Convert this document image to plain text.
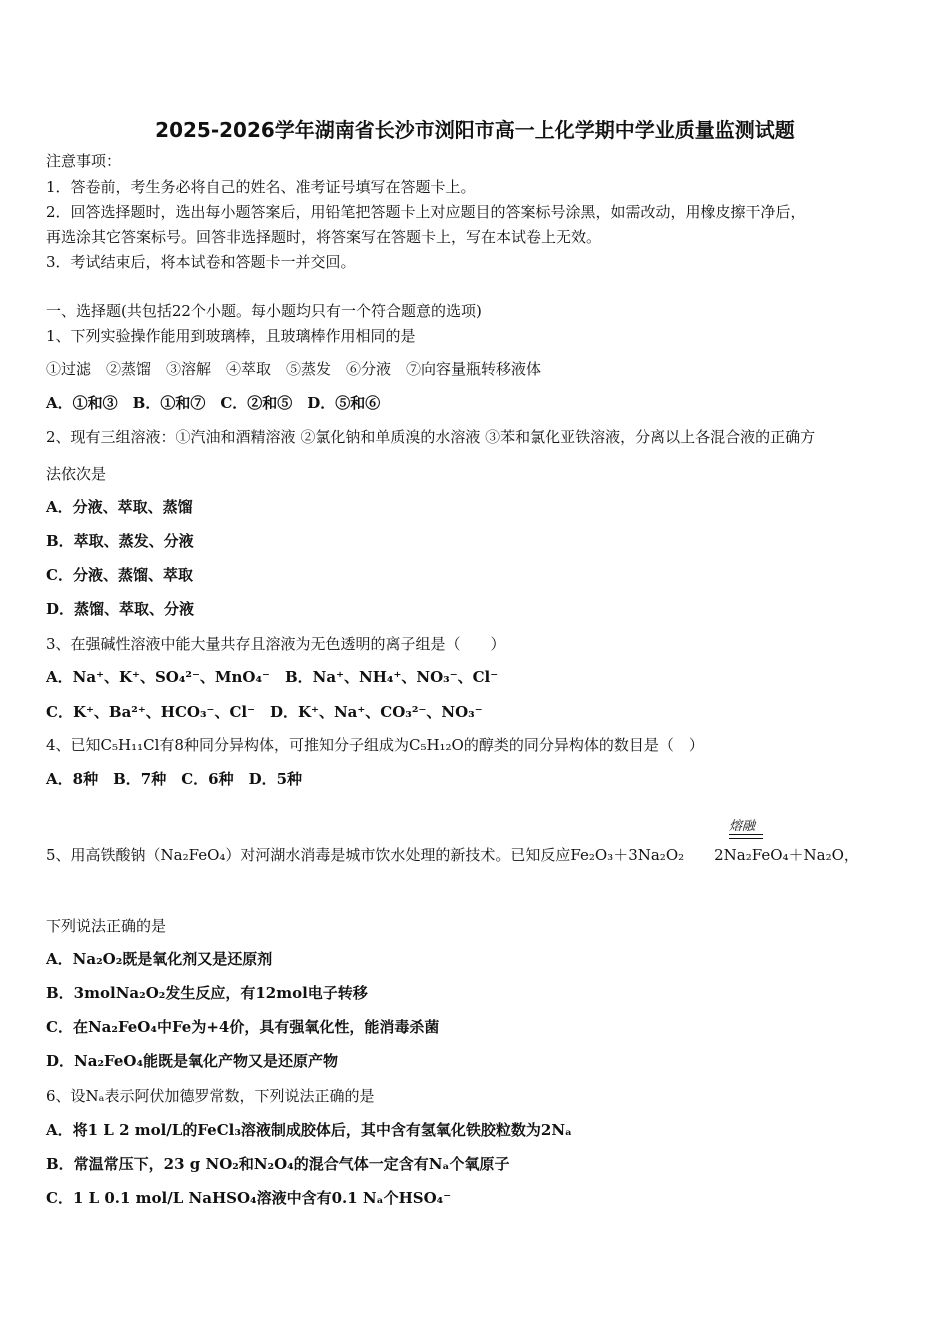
2025-2026学年湖南省长沙市浏阳市高一上化学期中学业质量监测试题
注意事项：
1．答卷前，考生务必将自己的姓名、准考证号填写在答题卡上。
2．回答选择题时，选出每小题答案后，用铅笔把答题卡上对应题目的答案标号涂黑，如需改动，用橡皮擦干净后，
再选涂其它答案标号。回答非选择题时，将答案写在答题卡上，写在本试卷上无效。
3．考试结束后，将本试卷和答题卡一并交回。
一、选择题(共包括22个小题。每小题均只有一个符合题意的选项)
1、下列实验操作能用到玻璃棒，且玻璃棒作用相同的是
①过滤　②蒸馏　③溶解　④萃取　⑤蒸发　⑥分液　⑦向容量瓶转移液体
A．①和③　B．①和⑦　C．②和⑤　D．⑤和⑥
2、现有三组溶液：①汽油和酒精溶液 ②氯化钠和单质溴的水溶液 ③苯和氯化亚铁溶液，分离以上各混合液的正确方
法依次是
A．分液、萃取、蒸馏
B．萃取、蒸发、分液
C．分液、蒸馏、萃取
D．蒸馏、萃取、分液
3、在强碱性溶液中能大量共存且溶液为无色透明的离子组是（　　）
A．Na⁺、K⁺、SO₄²⁻、MnO₄⁻　B．Na⁺、NH₄⁺、NO₃⁻、Cl⁻
C．K⁺、Ba²⁺、HCO₃⁻、Cl⁻　D．K⁺、Na⁺、CO₃²⁻、NO₃⁻
4、已知C₅H₁₁Cl有8种同分异构体，可推知分子组成为C₅H₁₂O的醇类的同分异构体的数目是（　）
A．8种　B．7种　C．6种　D．5种
熔融
5、用高铁酸钠（Na₂FeO₄）对河湖水消毒是城市饮水处理的新技术。已知反应Fe₂O₃＋3Na₂O₂　　2Na₂FeO₄＋Na₂O，
下列说法正确的是
A．Na₂O₂既是氧化剂又是还原剂
B．3molNa₂O₂发生反应，有12mol电子转移
C．在Na₂FeO₄中Fe为+4价，具有强氧化性，能消毒杀菌
D．Na₂FeO₄能既是氧化产物又是还原产物
6、设Nₐ表示阿伏加德罗常数，下列说法正确的是
A．将1 L 2 mol/L的FeCl₃溶液制成胶体后，其中含有氢氧化铁胶粒数为2Nₐ
B．常温常压下，23 g NO₂和N₂O₄的混合气体一定含有Nₐ个氧原子
C．1 L 0.1 mol/L NaHSO₄溶液中含有0.1 Nₐ个HSO₄⁻
